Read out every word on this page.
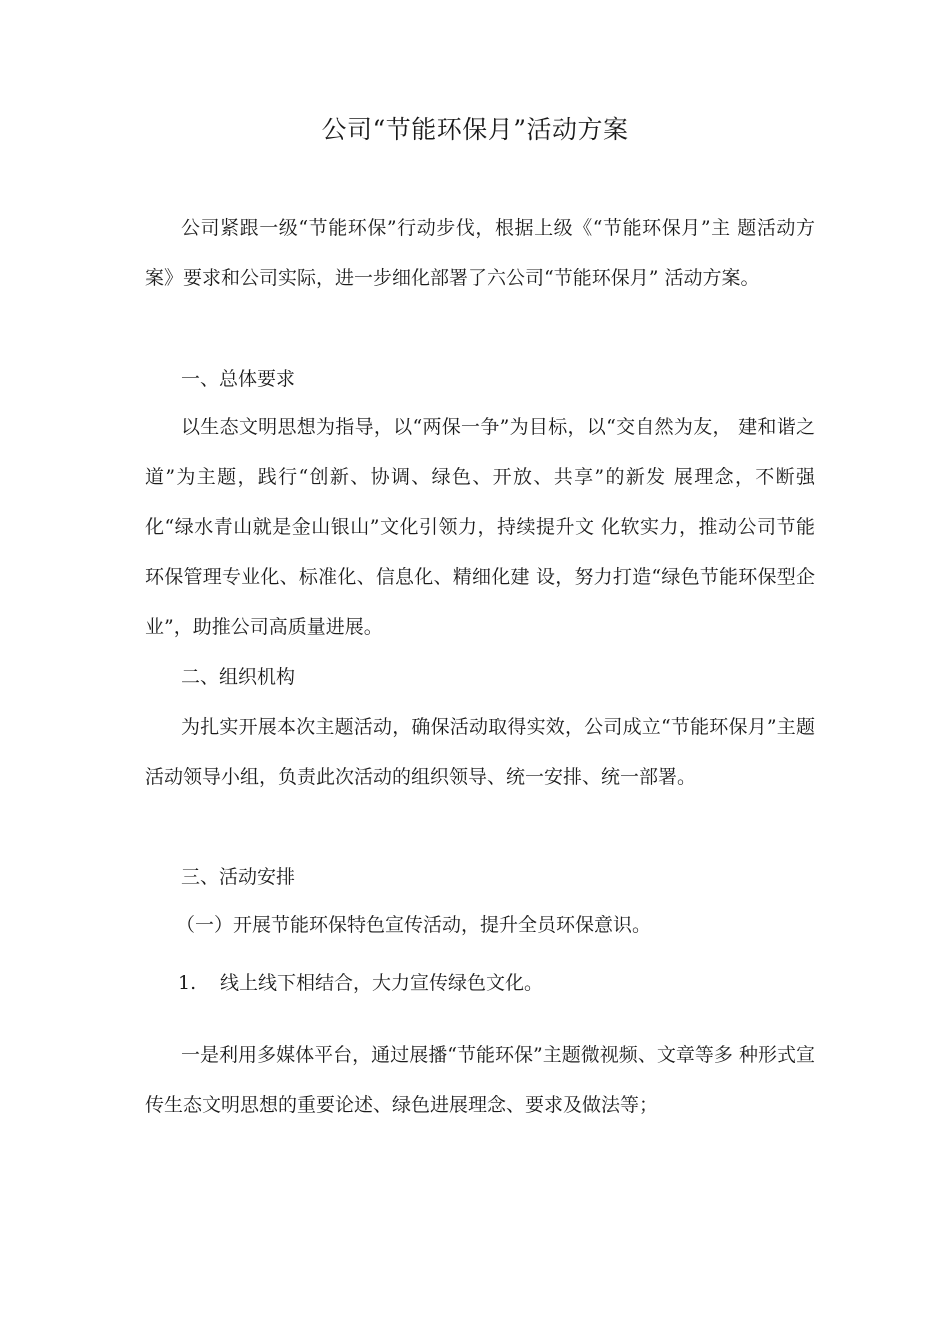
公司“节能环保月”活动方案

公司紧跟一级“节能环保”行动步伐，根据上级《“节能环保月”主 题活动方案》要求和公司实际，进一步细化部署了六公司“节能环保月” 活动方案。

一、总体要求

以生态文明思想为指导，以“两保一争”为目标，以“交自然为友， 建和谐之道”为主题，践行“创新、协调、绿色、开放、共享”的新发 展理念，不断强化“绿水青山就是金山银山”文化引领力，持续提升文 化软实力，推动公司节能环保管理专业化、标准化、信息化、精细化建 设，努力打造“绿色节能环保型企业”，助推公司高质量进展。

二、组织机构

为扎实开展本次主题活动，确保活动取得实效，公司成立“节能环保月”主题活动领导小组，负责此次活动的组织领导、统一安排、统一部署。

三、活动安排

（一）开展节能环保特色宣传活动，提升全员环保意识。

1. 线上线下相结合，大力宣传绿色文化。

一是利用多媒体平台，通过展播“节能环保”主题微视频、文章等多 种形式宣传生态文明思想的重要论述、绿色进展理念、要求及做法等；
